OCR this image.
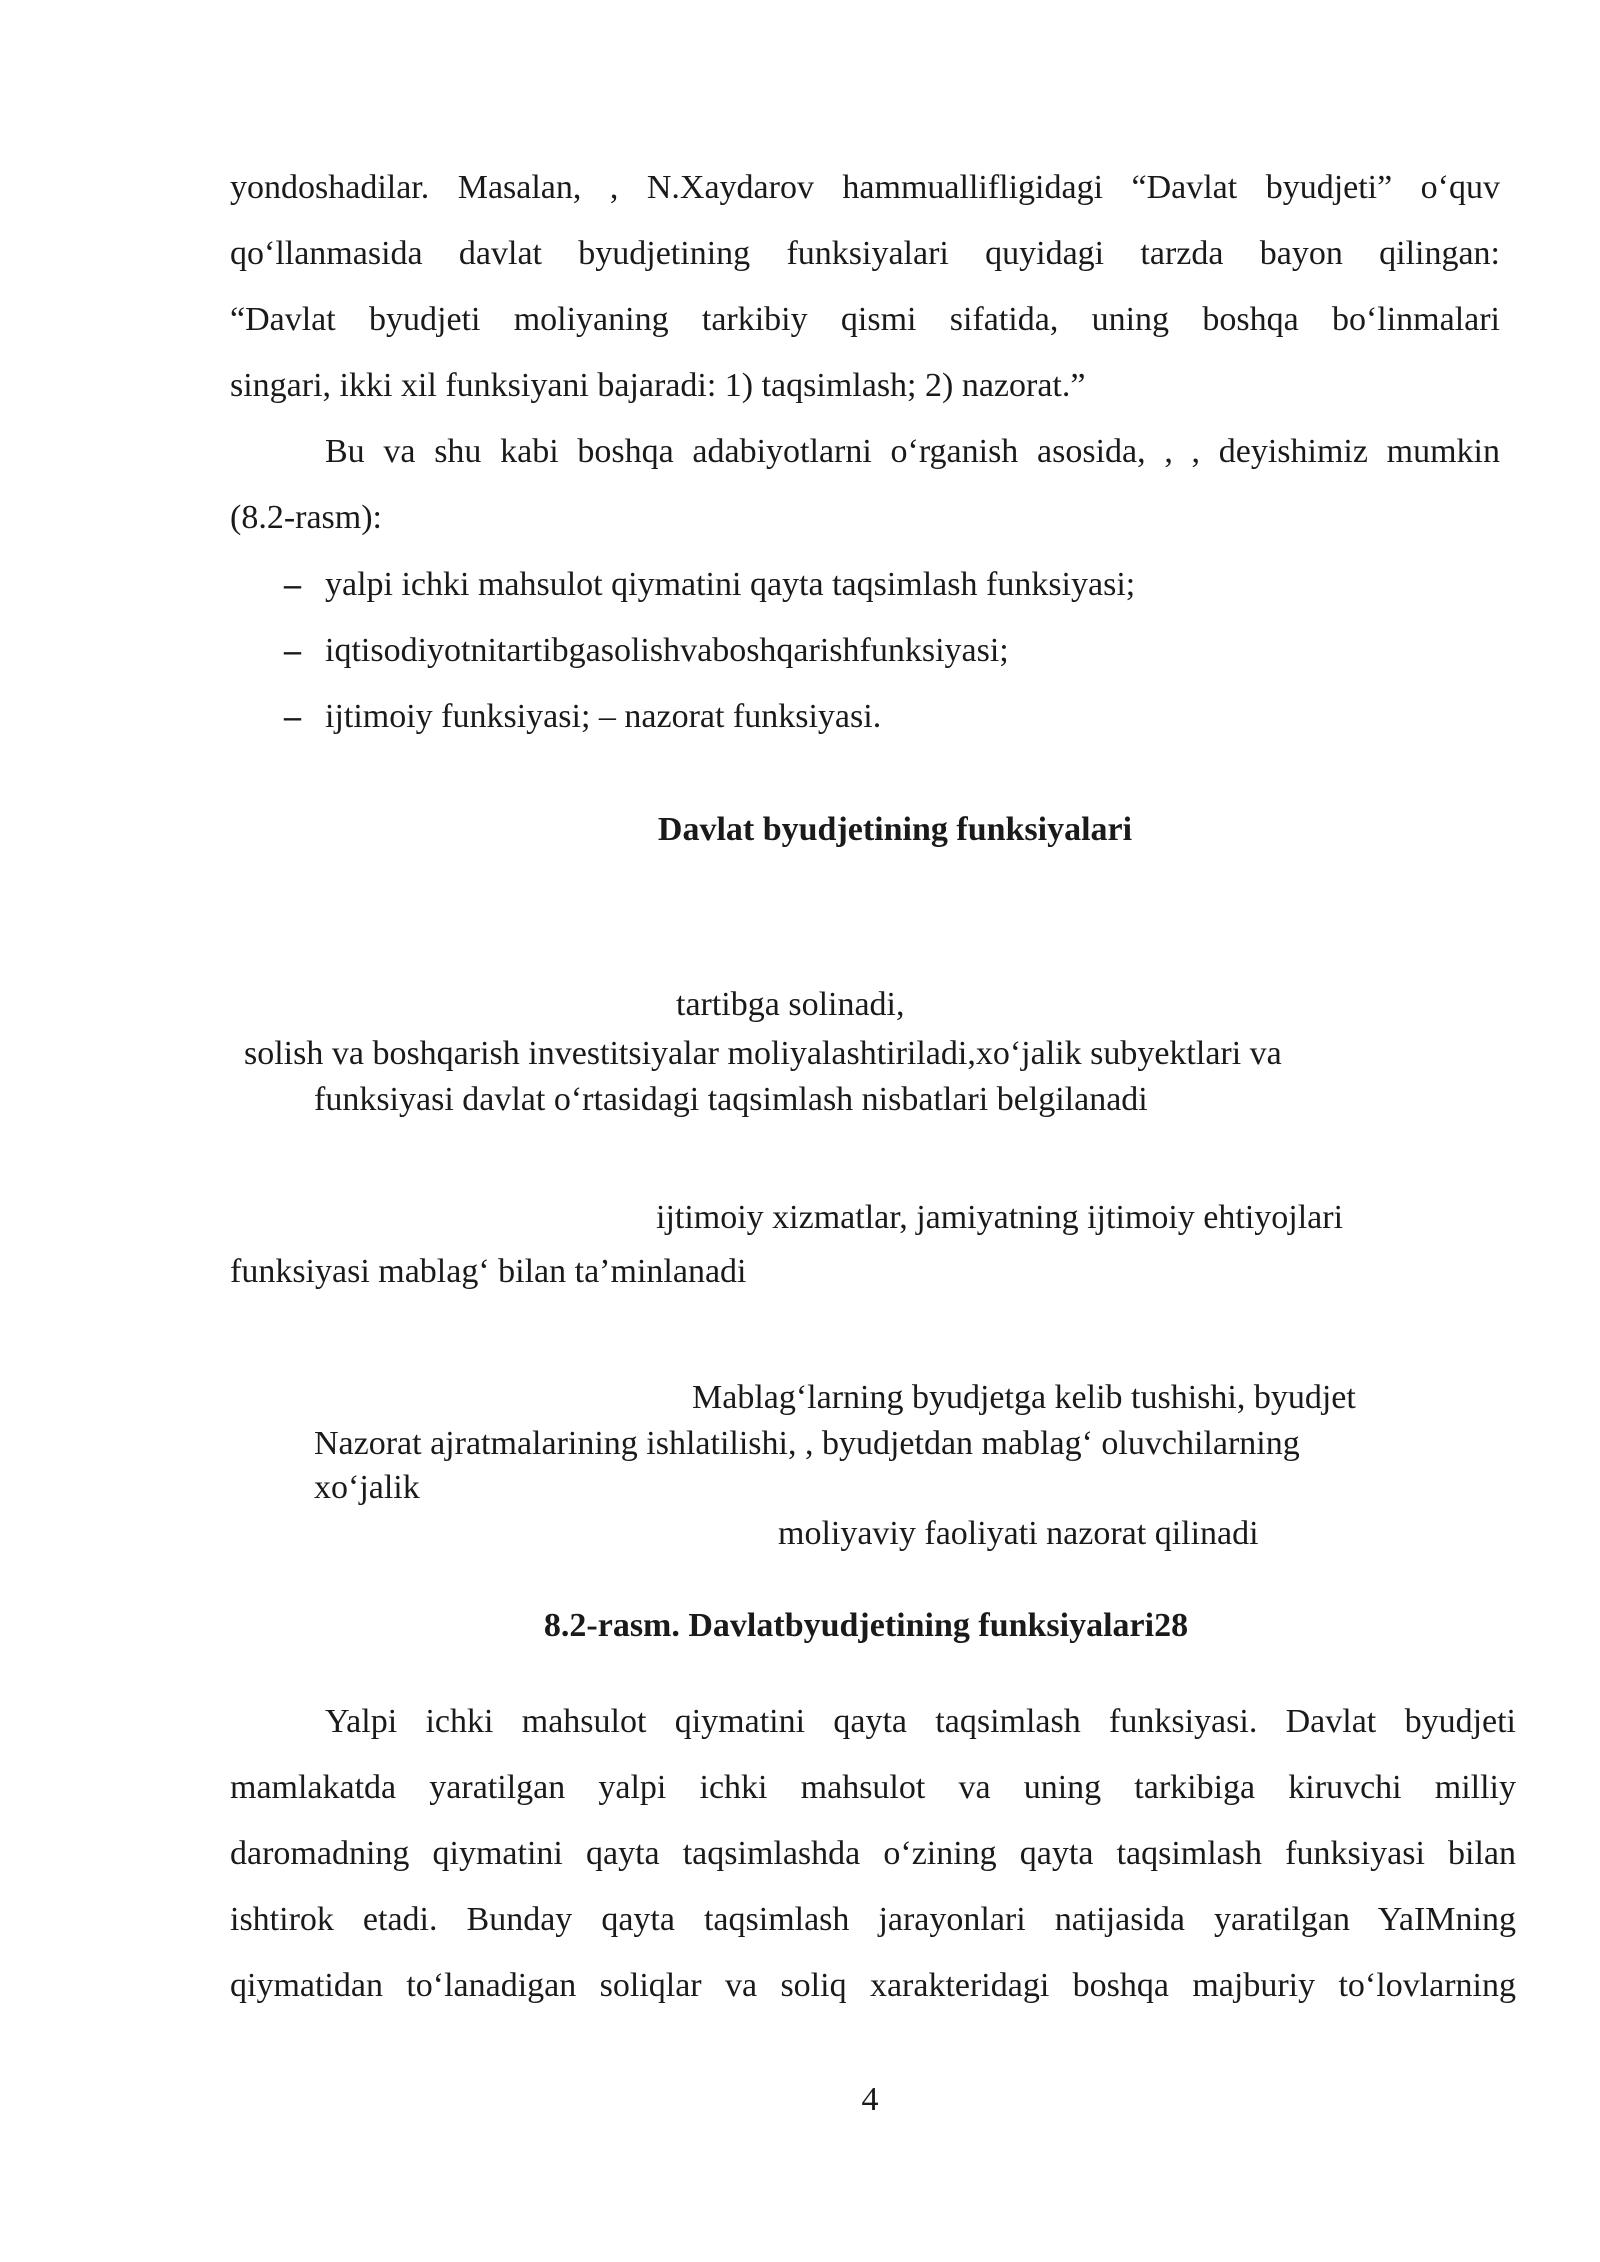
yondoshadilar. Masalan, , N.Xaydarov hammuallifligidagi “Davlat byudjeti” o‘quv
qo‘llanmasida davlat byudjetining funksiyalari quyidagi tarzda bayon qilingan:
“Davlat byudjeti moliyaning tarkibiy qismi sifatida, uning boshqa bo‘linmalari
singari, ikki xil funksiyani bajaradi: 1) taqsimlash; 2) nazorat.”
Bu va shu kabi boshqa adabiyotlarni o‘rganish asosida, , , deyishimiz mumkin
(8.2-rasm):
– yalpi ichki mahsulot qiymatini qayta taqsimlash funksiyasi;
– iqtisodiyotnitartibgasolishvaboshqarishfunksiyasi;
– ijtimoiy funksiyasi; – nazorat funksiyasi.
Davlat byudjetining funksiyalari
tartibga solinadi,
solish va boshqarish investitsiyalar moliyalashtiriladi,xo‘jalik subyektlari va
funksiyasi davlat o‘rtasidagi taqsimlash nisbatlari belgilanadi
ijtimoiy xizmatlar, jamiyatning ijtimoiy ehtiyojlari
funksiyasi mablag‘ bilan ta’minlanadi
Mablag‘larning byudjetga kelib tushishi, byudjet
Nazorat ajratmalarining ishlatilishi, , byudjetdan mablag‘ oluvchilarning
xo‘jalik
moliyaviy faoliyati nazorat qilinadi
8.2-rasm. Davlatbyudjetining funksiyalari28
Yalpi ichki mahsulot qiymatini qayta taqsimlash funksiyasi. Davlat byudjeti
mamlakatda yaratilgan yalpi ichki mahsulot va uning tarkibiga kiruvchi milliy
daromadning qiymatini qayta taqsimlashda o‘zining qayta taqsimlash funksiyasi bilan
ishtirok etadi. Bunday qayta taqsimlash jarayonlari natijasida yaratilgan YaIMning
qiymatidan to‘lanadigan soliqlar va soliq xarakteridagi boshqa majburiy to‘lovlarning
4
